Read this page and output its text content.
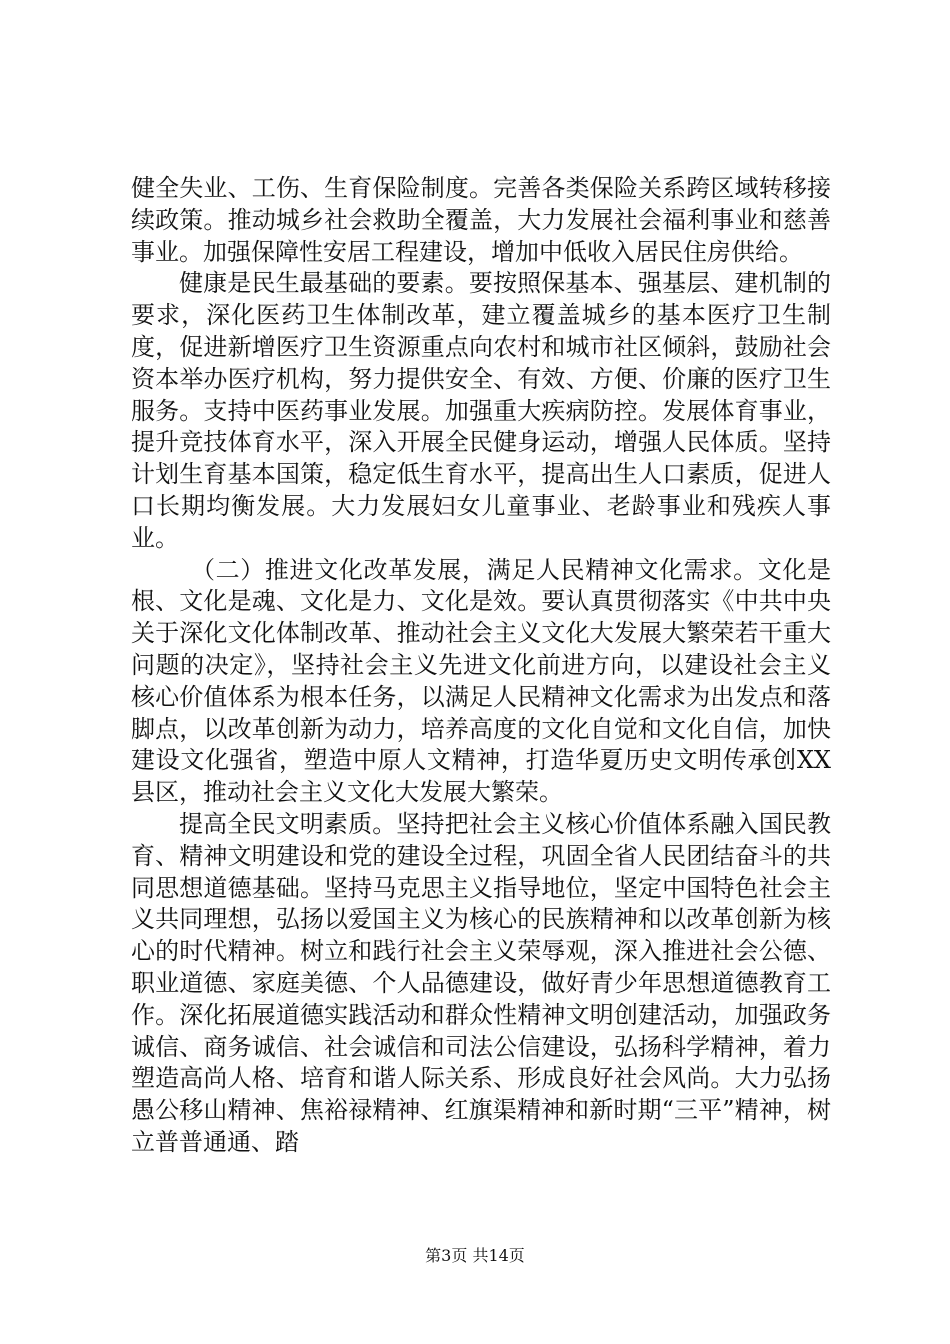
健全失业、工伤、生育保险制度。完善各类保险关系跨区域转移接续政策。推动城乡社会救助全覆盖，大力发展社会福利事业和慈善事业。加强保障性安居工程建设，增加中低收入居民住房供给。

健康是民生最基础的要素。要按照保基本、强基层、建机制的要求，深化医药卫生体制改革，建立覆盖城乡的基本医疗卫生制度，促进新增医疗卫生资源重点向农村和城市社区倾斜，鼓励社会资本举办医疗机构，努力提供安全、有效、方便、价廉的医疗卫生服务。支持中医药事业发展。加强重大疾病防控。发展体育事业，提升竞技体育水平，深入开展全民健身运动，增强人民体质。坚持计划生育基本国策，稳定低生育水平，提高出生人口素质，促进人口长期均衡发展。大力发展妇女儿童事业、老龄事业和残疾人事业。

（二）推进文化改革发展，满足人民精神文化需求。文化是根、文化是魂、文化是力、文化是效。要认真贯彻落实《中共中央关于深化文化体制改革、推动社会主义文化大发展大繁荣若干重大问题的决定》，坚持社会主义先进文化前进方向，以建设社会主义核心价值体系为根本任务，以满足人民精神文化需求为出发点和落脚点，以改革创新为动力，培养高度的文化自觉和文化自信，加快建设文化强省，塑造中原人文精神，打造华夏历史文明传承创XX县区，推动社会主义文化大发展大繁荣。

提高全民文明素质。坚持把社会主义核心价值体系融入国民教育、精神文明建设和党的建设全过程，巩固全省人民团结奋斗的共同思想道德基础。坚持马克思主义指导地位，坚定中国特色社会主义共同理想，弘扬以爱国主义为核心的民族精神和以改革创新为核心的时代精神。树立和践行社会主义荣辱观，深入推进社会公德、职业道德、家庭美德、个人品德建设，做好青少年思想道德教育工作。深化拓展道德实践活动和群众性精神文明创建活动，加强政务诚信、商务诚信、社会诚信和司法公信建设，弘扬科学精神，着力塑造高尚人格、培育和谐人际关系、形成良好社会风尚。大力弘扬愚公移山精神、焦裕禄精神、红旗渠精神和新时期“三平”精神，树立普普通通、踏

第3页 共14页
